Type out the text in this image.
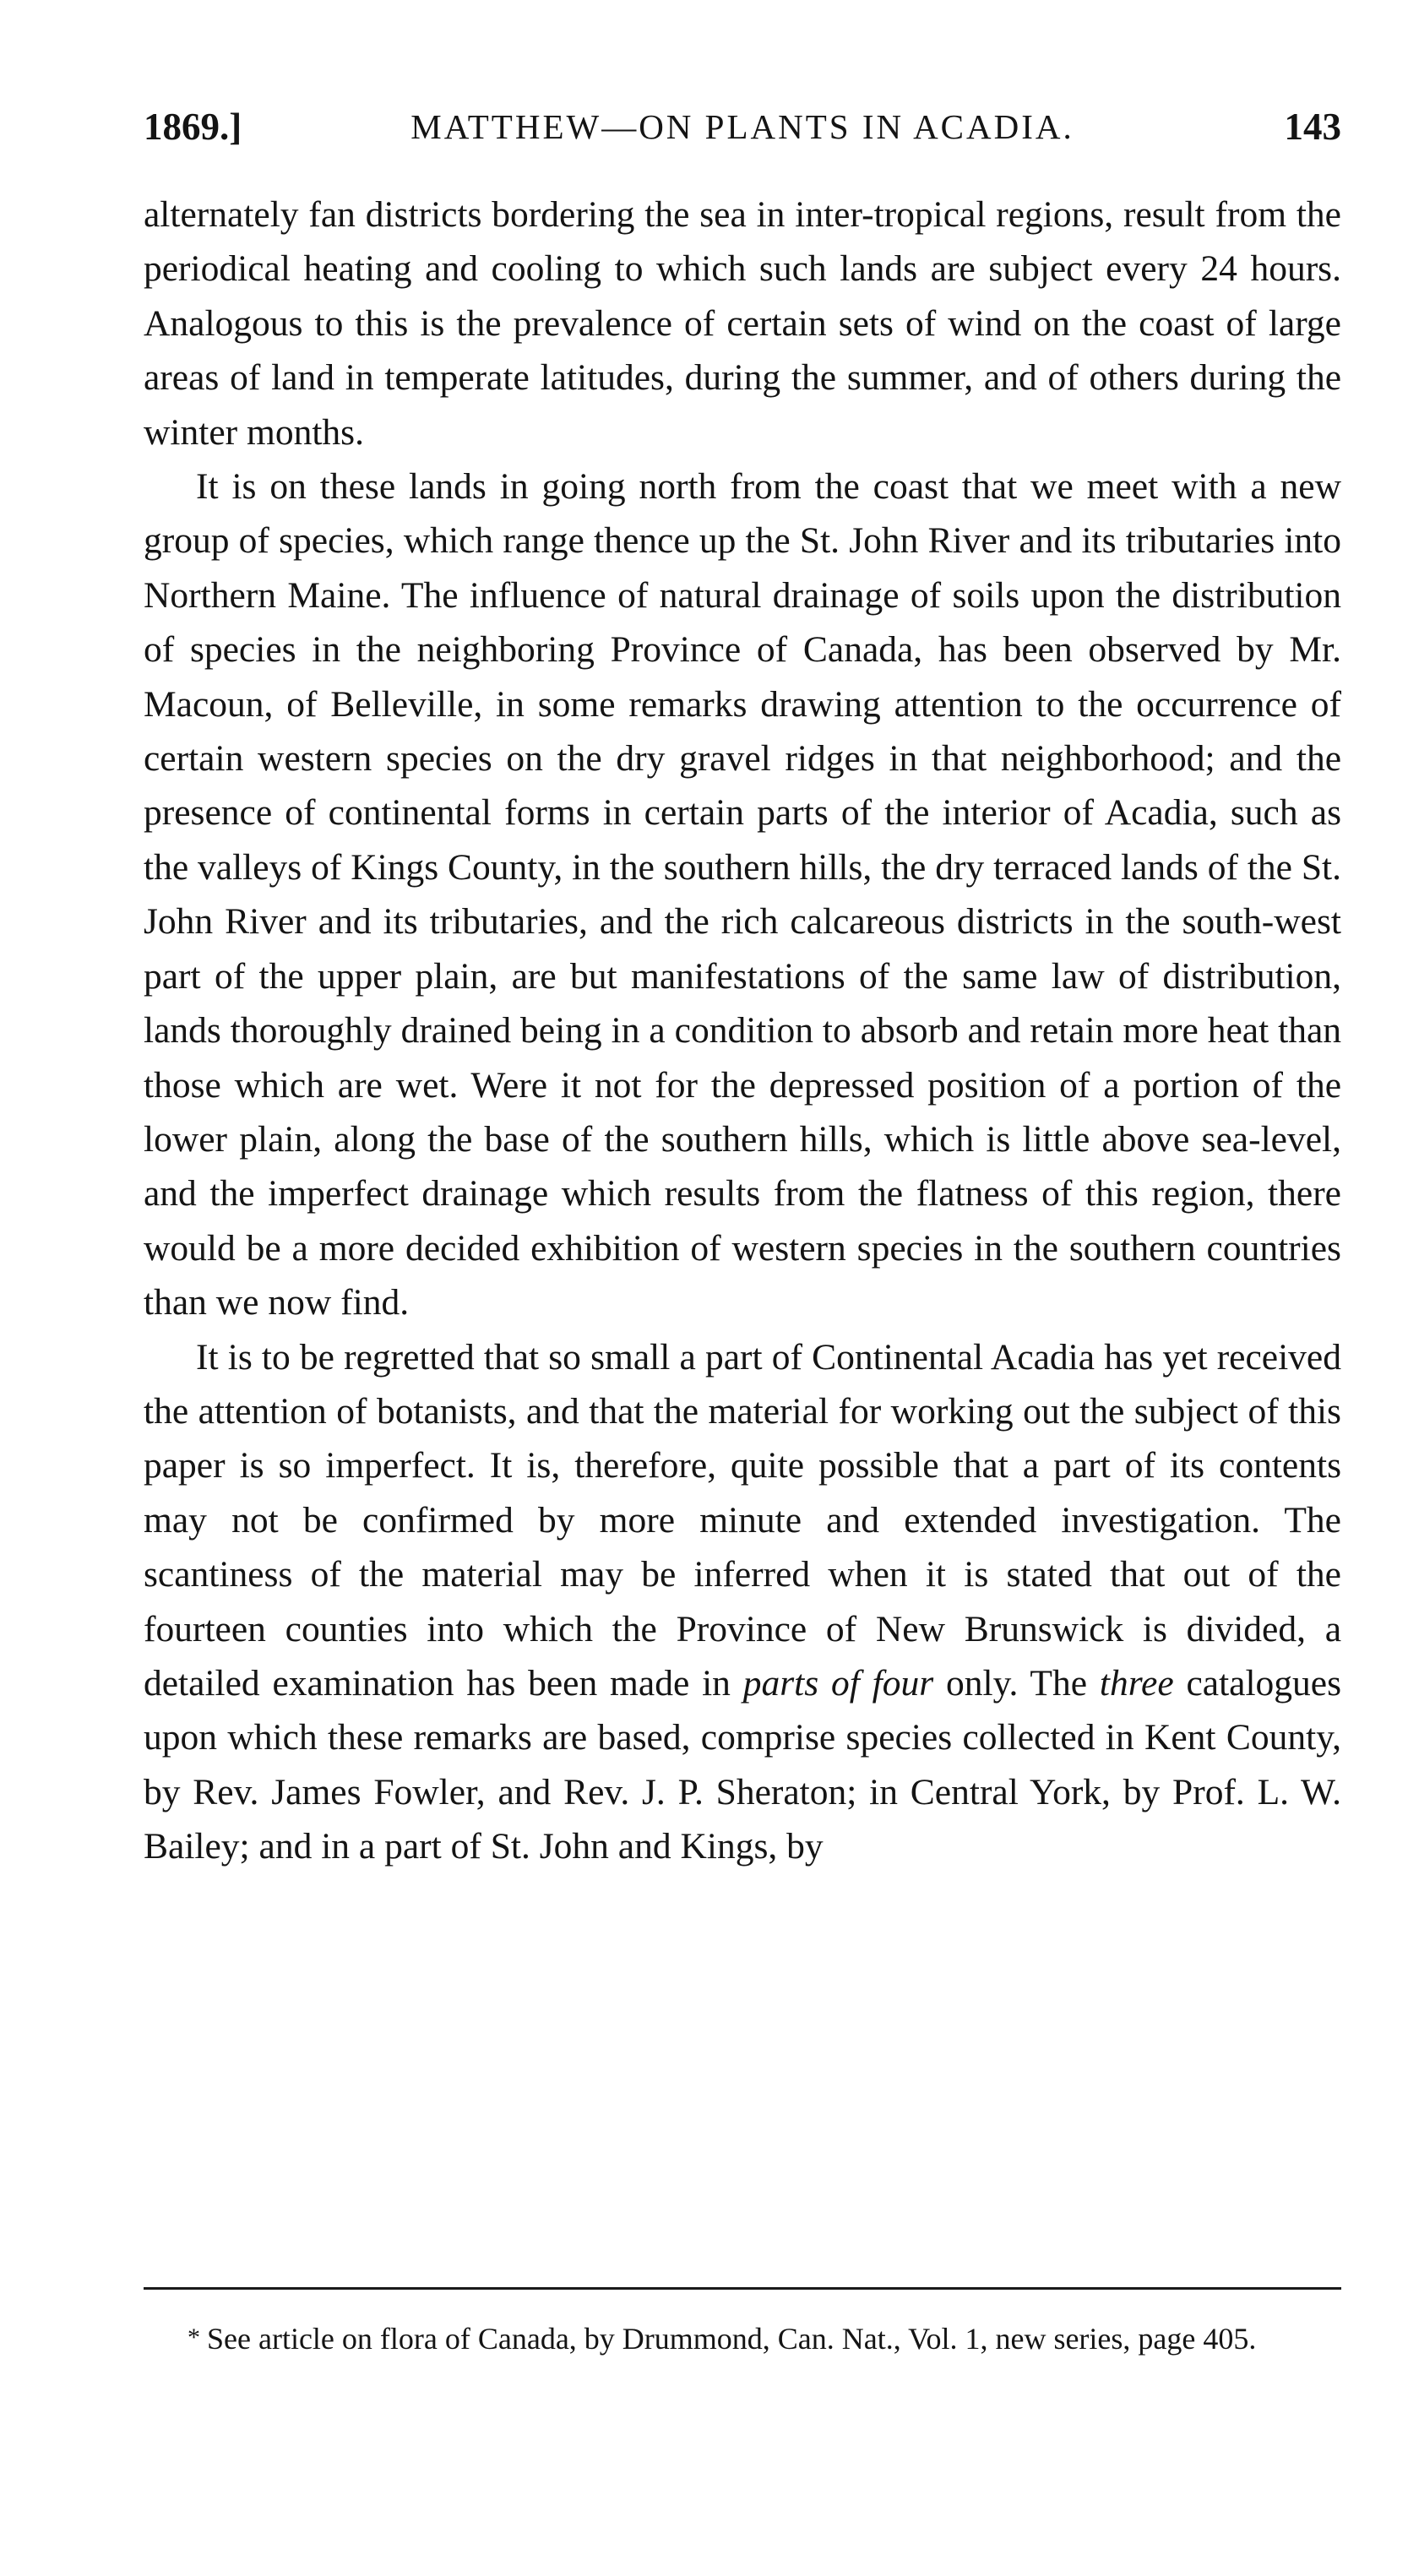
1869.]	MATTHEW—ON PLANTS IN ACADIA.	143

alternately fan districts bordering the sea in inter-tropical regions, result from the periodical heating and cooling to which such lands are subject every 24 hours. Analogous to this is the prevalence of certain sets of wind on the coast of large areas of land in temperate latitudes, during the summer, and of others during the winter months.

It is on these lands in going north from the coast that we meet with a new group of species, which range thence up the St. John River and its tributaries into Northern Maine. The influence of natural drainage of soils upon the distribution of species in the neighboring Province of Canada, has been observed by Mr. Macoun, of Belleville, in some remarks drawing attention to the occurrence of certain western species on the dry gravel ridges in that neighborhood; and the presence of continental forms in certain parts of the interior of Acadia, such as the valleys of Kings County, in the southern hills, the dry terraced lands of the St. John River and its tributaries, and the rich calcareous districts in the south-west part of the upper plain, are but manifestations of the same law of distribution, lands thoroughly drained being in a condition to absorb and retain more heat than those which are wet. Were it not for the depressed position of a portion of the lower plain, along the base of the southern hills, which is little above sea-level, and the imperfect drainage which results from the flatness of this region, there would be a more decided exhibition of western species in the southern countries than we now find.

It is to be regretted that so small a part of Continental Acadia has yet received the attention of botanists, and that the material for working out the subject of this paper is so imperfect. It is, therefore, quite possible that a part of its contents may not be confirmed by more minute and extended investigation. The scantiness of the material may be inferred when it is stated that out of the fourteen counties into which the Province of New Brunswick is divided, a detailed examination has been made in parts of four only. The three catalogues upon which these remarks are based, comprise species collected in Kent County, by Rev. James Fowler, and Rev. J. P. Sheraton; in Central York, by Prof. L. W. Bailey; and in a part of St. John and Kings, by

* See article on flora of Canada, by Drummond, Can. Nat., Vol. 1, new series, page 405.
